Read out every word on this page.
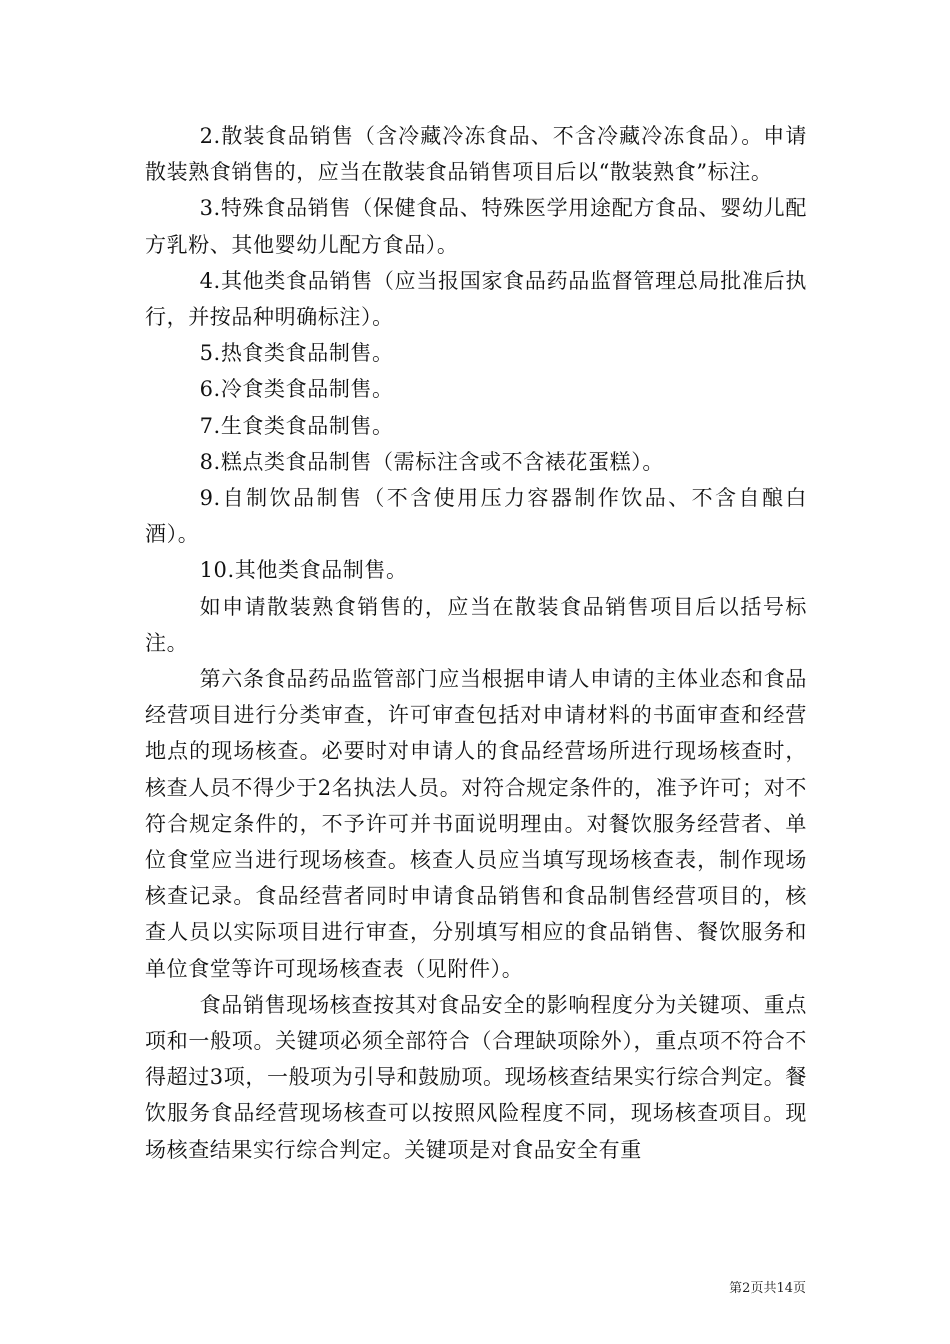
2.散装食品销售（含冷藏冷冻食品、不含冷藏冷冻食品）。申请散装熟食销售的，应当在散装食品销售项目后以“散装熟食”标注。

3.特殊食品销售（保健食品、特殊医学用途配方食品、婴幼儿配方乳粉、其他婴幼儿配方食品）。

4.其他类食品销售（应当报国家食品药品监督管理总局批准后执行，并按品种明确标注）。

5.热食类食品制售。

6.冷食类食品制售。

7.生食类食品制售。

8.糕点类食品制售（需标注含或不含裱花蛋糕）。

9.自制饮品制售（不含使用压力容器制作饮品、不含自酿白酒）。

10.其他类食品制售。

如申请散装熟食销售的，应当在散装食品销售项目后以括号标注。

第六条食品药品监管部门应当根据申请人申请的主体业态和食品经营项目进行分类审查，许可审查包括对申请材料的书面审查和经营地点的现场核查。必要时对申请人的食品经营场所进行现场核查时，核查人员不得少于2名执法人员。对符合规定条件的，准予许可；对不符合规定条件的，不予许可并书面说明理由。对餐饮服务经营者、单位食堂应当进行现场核查。核查人员应当填写现场核查表，制作现场核查记录。食品经营者同时申请食品销售和食品制售经营项目的，核查人员以实际项目进行审查，分别填写相应的食品销售、餐饮服务和单位食堂等许可现场核查表（见附件）。

食品销售现场核查按其对食品安全的影响程度分为关键项、重点项和一般项。关键项必须全部符合（合理缺项除外），重点项不符合不得超过3项，一般项为引导和鼓励项。现场核查结果实行综合判定。餐饮服务食品经营现场核查可以按照风险程度不同，现场核查项目。现场核查结果实行综合判定。关键项是对食品安全有重

第2页共14页
